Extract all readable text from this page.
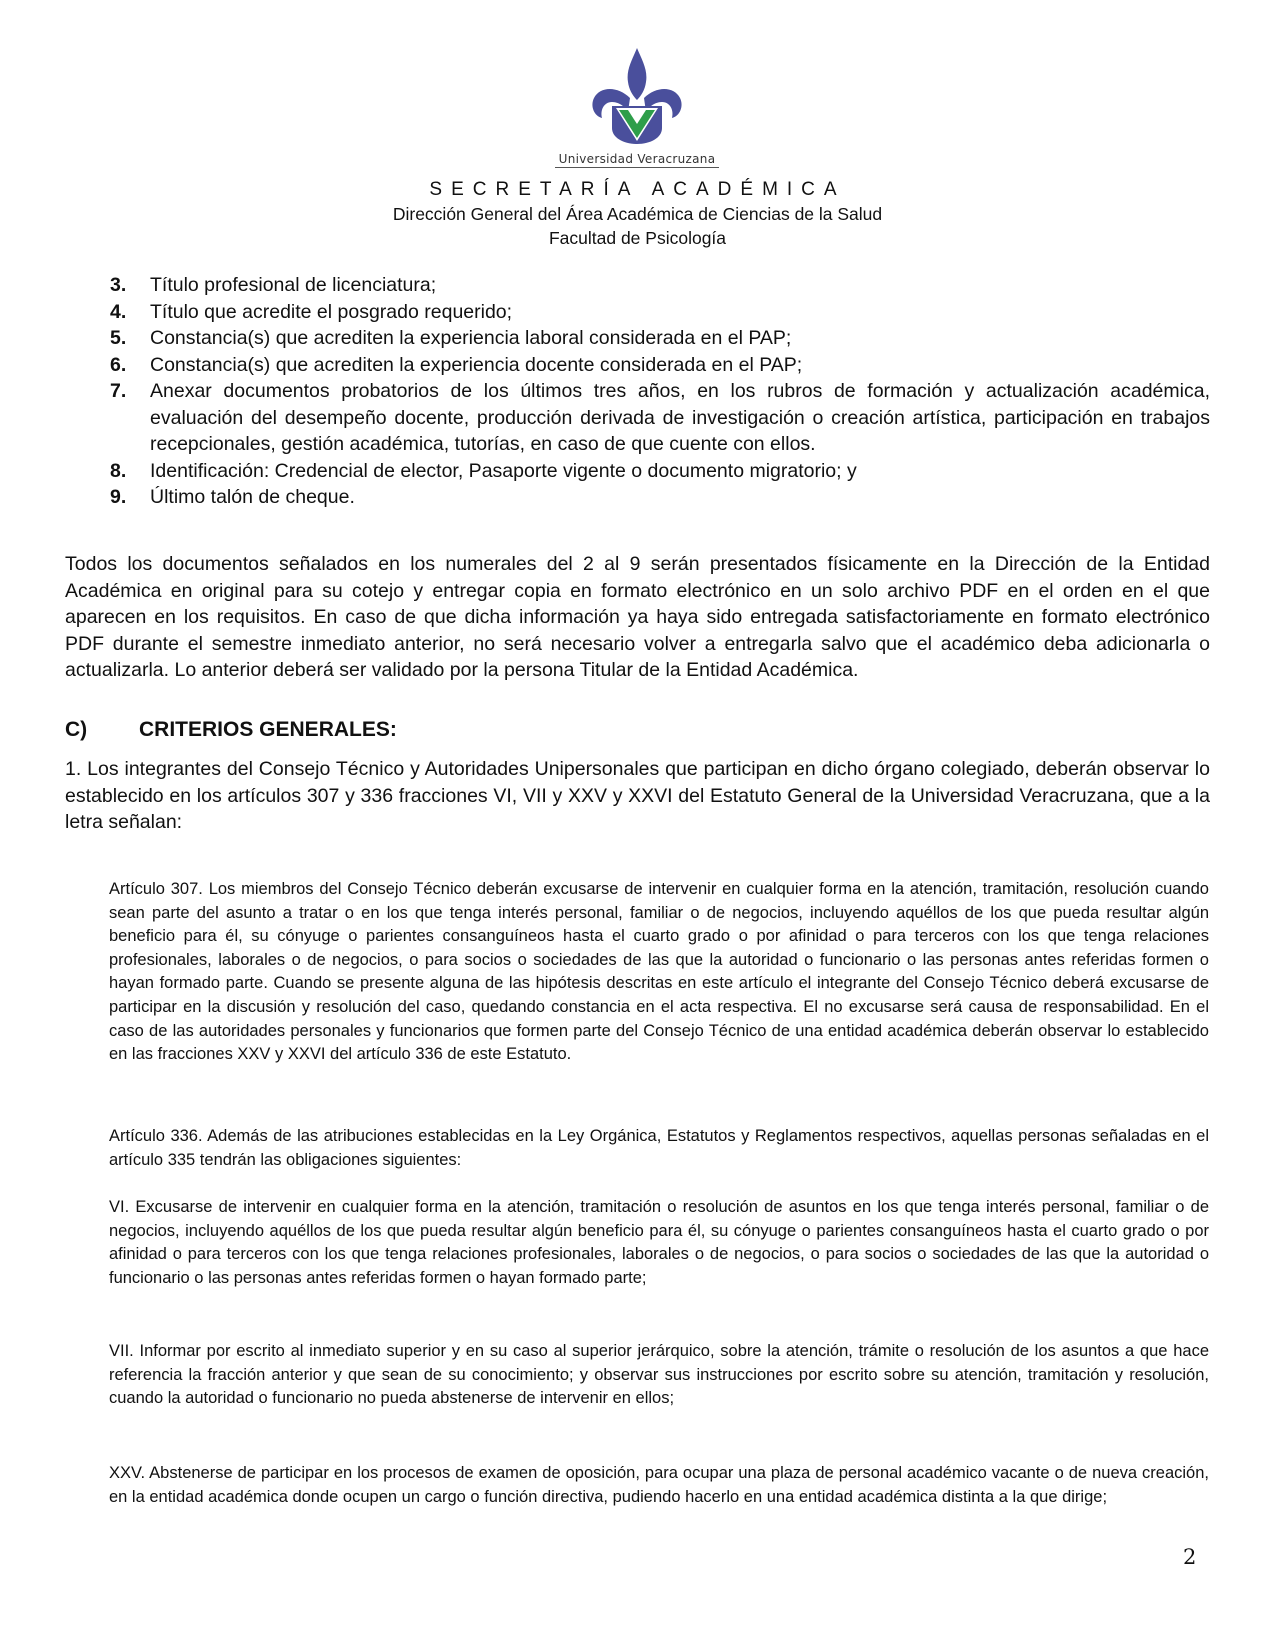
Universidad Veracruzana
SECRETARÍA ACADÉMICA
Dirección General del Área Académica de Ciencias de la Salud
Facultad de Psicología
3.	Título profesional de licenciatura;
4.	Título que acredite el posgrado requerido;
5.	Constancia(s) que acrediten la experiencia laboral considerada en el PAP;
6.	Constancia(s) que acrediten la experiencia docente considerada en el PAP;
7.	Anexar documentos probatorios de los últimos tres años, en los rubros de formación y actualización académica, evaluación del desempeño docente, producción derivada de investigación o creación artística, participación en trabajos recepcionales, gestión académica, tutorías, en caso de que cuente con ellos.
8.	Identificación: Credencial de elector, Pasaporte vigente o documento migratorio; y
9.	Último talón de cheque.

Todos los documentos señalados en los numerales del 2 al 9 serán presentados físicamente en la Dirección de la Entidad Académica en original para su cotejo y entregar copia en formato electrónico en un solo archivo PDF en el orden en el que aparecen en los requisitos. En caso de que dicha información ya haya sido entregada satisfactoriamente en formato electrónico PDF durante el semestre inmediato anterior, no será necesario volver a entregarla salvo que el académico deba adicionarla o actualizarla. Lo anterior deberá ser validado por la persona Titular de la Entidad Académica.

C) CRITERIOS GENERALES:

1. Los integrantes del Consejo Técnico y Autoridades Unipersonales que participan en dicho órgano colegiado, deberán observar lo establecido en los artículos 307 y 336 fracciones VI, VII y XXV y XXVI del Estatuto General de la Universidad Veracruzana, que a la letra señalan:

Artículo 307. Los miembros del Consejo Técnico deberán excusarse de intervenir en cualquier forma en la atención, tramitación, resolución cuando sean parte del asunto a tratar o en los que tenga interés personal, familiar o de negocios, incluyendo aquéllos de los que pueda resultar algún beneficio para él, su cónyuge o parientes consanguíneos hasta el cuarto grado o por afinidad o para terceros con los que tenga relaciones profesionales, laborales o de negocios, o para socios o sociedades de las que la autoridad o funcionario o las personas antes referidas formen o hayan formado parte. Cuando se presente alguna de las hipótesis descritas en este artículo el integrante del Consejo Técnico deberá excusarse de participar en la discusión y resolución del caso, quedando constancia en el acta respectiva. El no excusarse será causa de responsabilidad. En el caso de las autoridades personales y funcionarios que formen parte del Consejo Técnico de una entidad académica deberán observar lo establecido en las fracciones XXV y XXVI del artículo 336 de este Estatuto.

Artículo 336. Además de las atribuciones establecidas en la Ley Orgánica, Estatutos y Reglamentos respectivos, aquellas personas señaladas en el artículo 335 tendrán las obligaciones siguientes:

VI. Excusarse de intervenir en cualquier forma en la atención, tramitación o resolución de asuntos en los que tenga interés personal, familiar o de negocios, incluyendo aquéllos de los que pueda resultar algún beneficio para él, su cónyuge o parientes consanguíneos hasta el cuarto grado o por afinidad o para terceros con los que tenga relaciones profesionales, laborales o de negocios, o para socios o sociedades de las que la autoridad o funcionario o las personas antes referidas formen o hayan formado parte;

VII. Informar por escrito al inmediato superior y en su caso al superior jerárquico, sobre la atención, trámite o resolución de los asuntos a que hace referencia la fracción anterior y que sean de su conocimiento; y observar sus instrucciones por escrito sobre su atención, tramitación y resolución, cuando la autoridad o funcionario no pueda abstenerse de intervenir en ellos;

XXV. Abstenerse de participar en los procesos de examen de oposición, para ocupar una plaza de personal académico vacante o de nueva creación, en la entidad académica donde ocupen un cargo o función directiva, pudiendo hacerlo en una entidad académica distinta a la que dirige;

2
